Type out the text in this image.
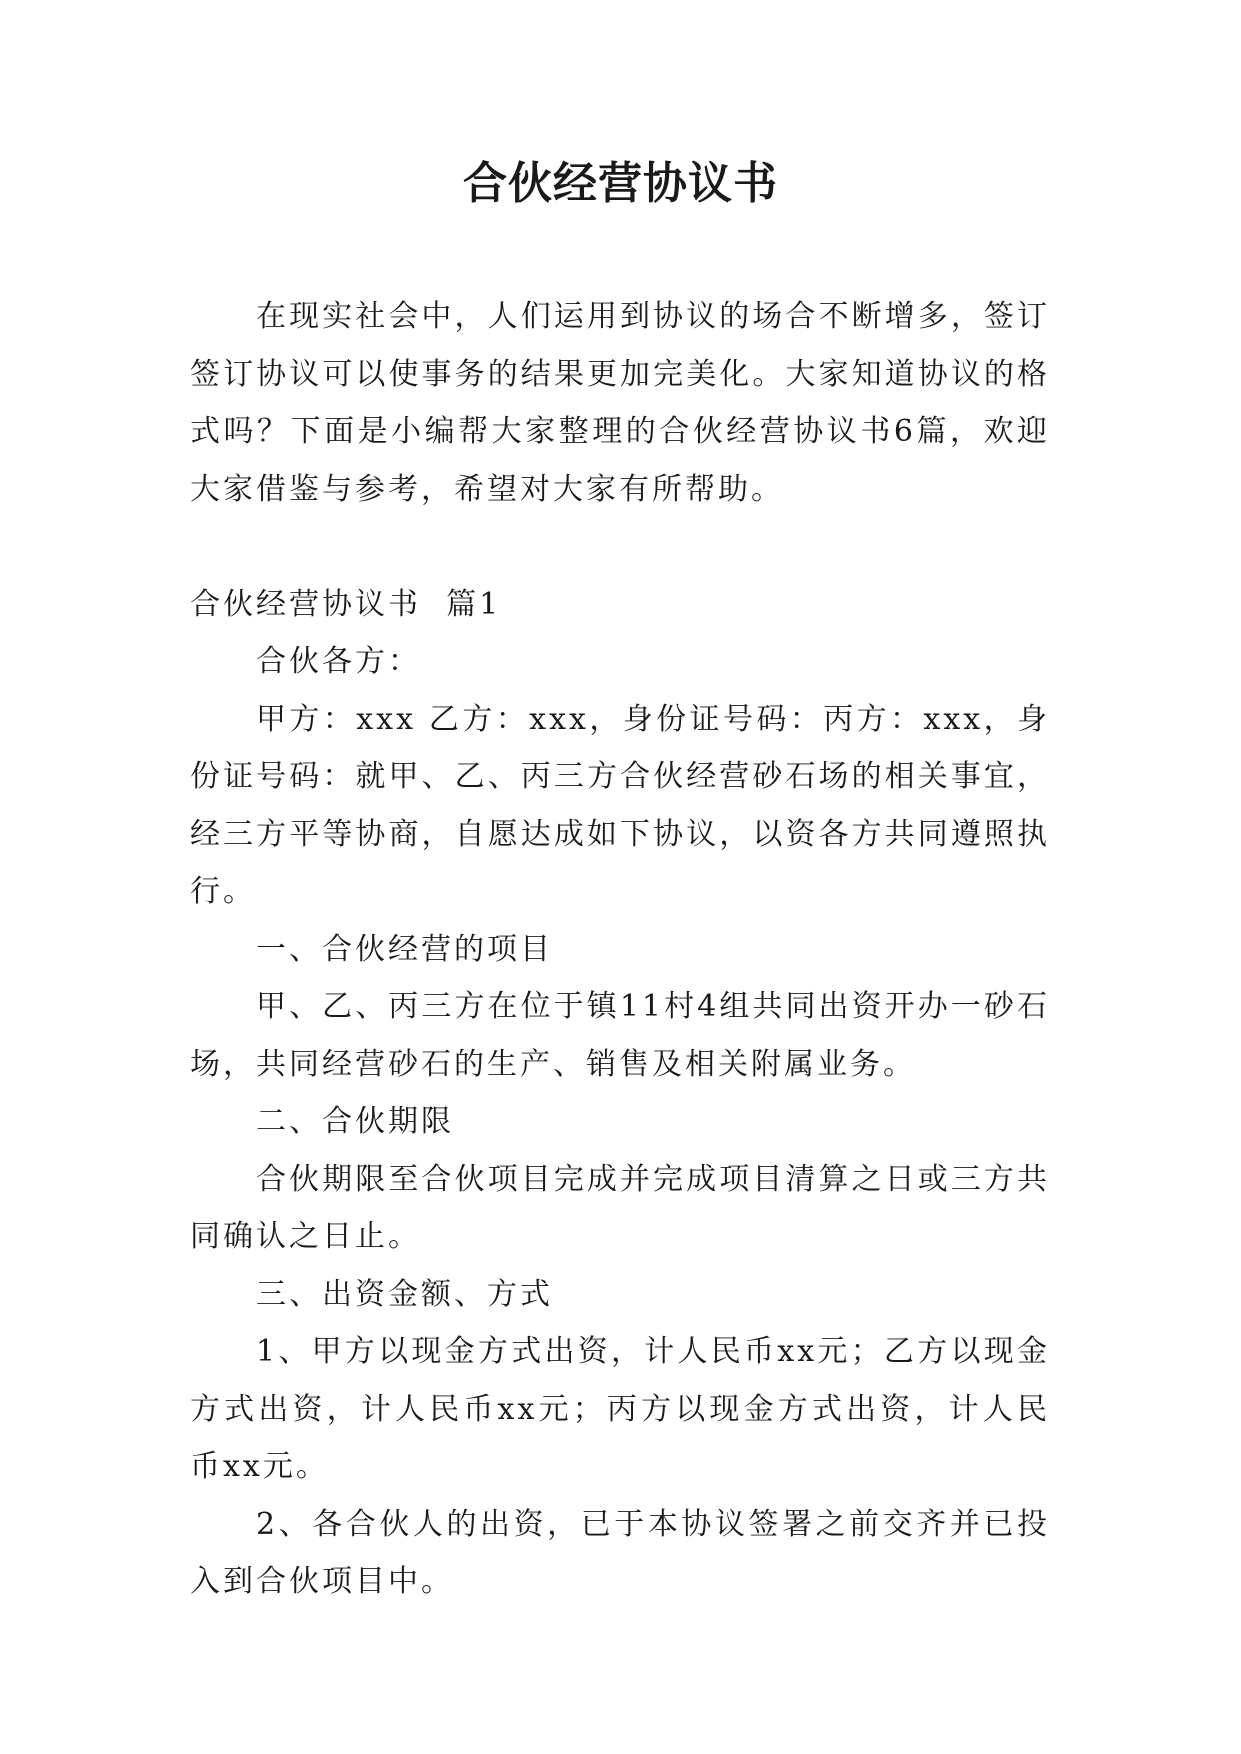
合伙经营协议书

在现实社会中，人们运用到协议的场合不断增多，签订签订协议可以使事务的结果更加完美化。大家知道协议的格式吗？下面是小编帮大家整理的合伙经营协议书6篇，欢迎大家借鉴与参考，希望对大家有所帮助。

合伙经营协议书  篇1

合伙各方：

甲方：xxx 乙方：xxx，身份证号码：丙方：xxx，身份证号码：就甲、乙、丙三方合伙经营砂石场的相关事宜，经三方平等协商，自愿达成如下协议，以资各方共同遵照执行。

一、合伙经营的项目

甲、乙、丙三方在位于镇11村4组共同出资开办一砂石场，共同经营砂石的生产、销售及相关附属业务。

二、合伙期限

合伙期限至合伙项目完成并完成项目清算之日或三方共同确认之日止。

三、出资金额、方式

1、甲方以现金方式出资，计人民币xx元；乙方以现金方式出资，计人民币xx元；丙方以现金方式出资，计人民币xx元。

2、各合伙人的出资，已于本协议签署之前交齐并已投入到合伙项目中。
